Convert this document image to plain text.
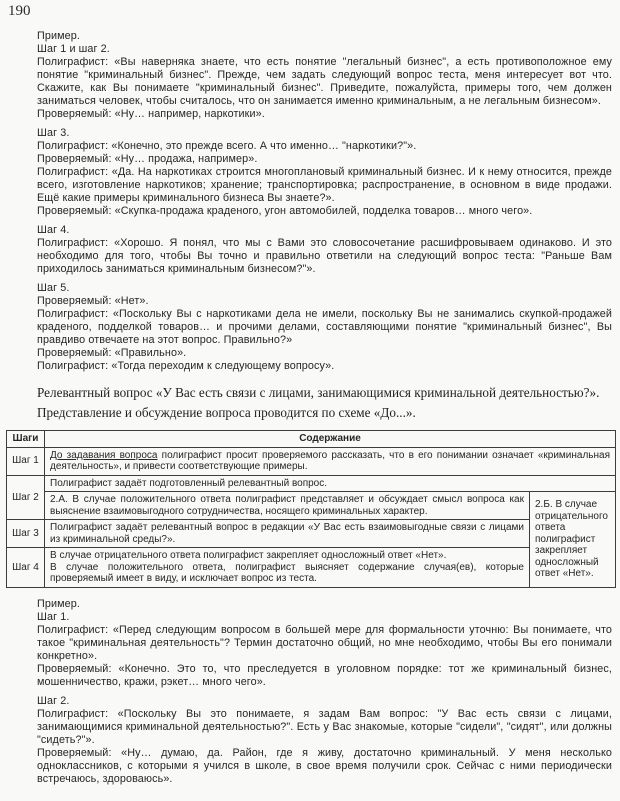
190

Пример.

Шаг 1 и шаг 2.

Полиграфист: «Вы наверняка знаете, что есть понятие "легальный бизнес", а есть противоположное ему понятие "криминальный бизнес". Прежде, чем задать следующий вопрос теста, меня интересует вот что. Скажите, как Вы понимаете "криминальный бизнес". Приведите, пожалуйста, примеры того, чем должен заниматься человек, чтобы считалось, что он занимается именно криминальным, а не легальным бизнесом».

Проверяемый: «Ну… например, наркотики».

Шаг 3.

Полиграфист: «Конечно, это прежде всего. А что именно… "наркотики?"».

Проверяемый: «Ну… продажа, например».

Полиграфист: «Да. На наркотиках строится многоплановый криминальный бизнес. И к нему относится, прежде всего, изготовление наркотиков; хранение; транспортировка; распространение, в основном в виде продажи. Ещё какие примеры криминального бизнеса Вы знаете?».

Проверяемый: «Скупка-продажа краденого, угон автомобилей, подделка товаров… много чего».

Шаг 4.

Полиграфист: «Хорошо. Я понял, что мы с Вами это словосочетание расшифровываем одинаково. И это необходимо для того, чтобы Вы точно и правильно ответили на следующий вопрос теста: "Раньше Вам приходилось заниматься криминальным бизнесом?"».

Шаг 5.

Проверяемый: «Нет».

Полиграфист: «Поскольку Вы с наркотиками дела не имели, поскольку Вы не занимались скупкой-продажей краденого, подделкой товаров… и прочими делами, составляющими понятие "криминальный бизнес", Вы правдиво отвечаете на этот вопрос. Правильно?»

Проверяемый: «Правильно».

Полиграфист: «Тогда переходим к следующему вопросу».

Релевантный вопрос «У Вас есть связи с лицами, занимающимися криминальной деятельностью?».

Представление и обсуждение вопроса проводится по схеме «До...».

Шаги	Содержание	
Шаг 1	До задавания вопроса полиграфист просит проверяемого рассказать, что в его понимании означает «криминальная деятельность», и привести соответствующие примеры.	
Шаг 2	Полиграфист задаёт подготовленный релевантный вопрос.	
	2.А. В случае положительного ответа полиграфист представляет и обсуждает смысл вопроса как выяснение взаимовыгодного сотрудничества, носящего криминальных характер.	2.Б. В случае отрицательного ответа полиграфист закрепляет односложный ответ «Нет».
Шаг 3	Полиграфист задаёт релевантный вопрос в редакции «У Вас есть взаимовыгодные связи с лицами из криминальной среды?».	
Шаг 4	В случае отрицательного ответа полиграфист закрепляет односложный ответ «Нет».

В случае положительного ответа, полиграфист выясняет содержание случая(ев), которые проверяемый имеет в виду, и исключает вопрос из теста.	

Пример.

Шаг 1.

Полиграфист: «Перед следующим вопросом в большей мере для формальности уточню: Вы понимаете, что такое "криминальная деятельность"? Термин достаточно общий, но мне необходимо, чтобы Вы его понимали конкретно».

Проверяемый: «Конечно. Это то, что преследуется в уголовном порядке: тот же криминальный бизнес, мошенничество, кражи, рэкет… много чего».

Шаг 2.

Полиграфист: «Поскольку Вы это понимаете, я задам Вам вопрос: "У Вас есть связи с лицами, занимающимися криминальной деятельностью?". Есть у Вас знакомые, которые "сидели", "сидят", или должны "сидеть?"».

Проверяемый: «Ну… думаю, да. Район, где я живу, достаточно криминальный. У меня несколько одноклассников, с которыми я учился в школе, в свое время получили срок. Сейчас с ними периодически встречаюсь, здороваюсь».
